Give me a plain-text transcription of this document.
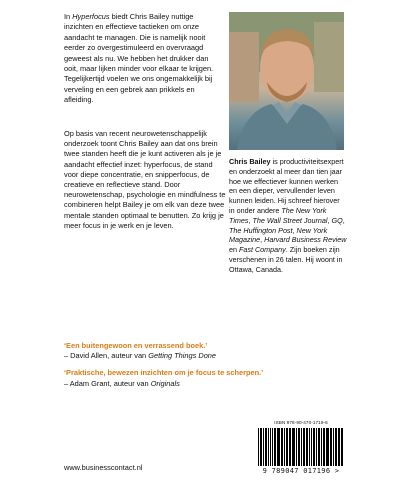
In Hyperfocus biedt Chris Bailey nuttige inzichten en effectieve tactieken om onze aandacht te managen. Die is namelijk nooit eerder zo overgestimuleerd en overvraagd geweest als nu. We hebben het drukker dan ooit, maar lijken minder voor elkaar te krijgen. Tegelijkertijd voelen we ons ongemakkelijk bij verveling en een gebrek aan prikkels en afleiding.

Op basis van recent neurowetenschappelijk onderzoek toont Chris Bailey aan dat ons brein twee standen heeft die je kunt activeren als je je aandacht effectief inzet: hyperfocus, de stand voor diepe concentratie, en snipperfocus, de creatieve en reflectieve stand. Door neurowetenschap, psychologie en mindfulness te combineren helpt Bailey je om elk van deze twee mentale standen optimaal te benutten. Zo krijg je meer focus in je werk en je leven.

Chris Bailey is productiviteitsexpert en onderzoekt al meer dan tien jaar hoe we effectiever kunnen werken en een dieper, vervullender leven kunnen leiden. Hij schreef hierover in onder andere The New York Times, The Wall Street Journal, GQ, The Huffington Post, New York Magazine, Harvard Business Review en Fast Company. Zijn boeken zijn verschenen in 26 talen. Hij woont in Ottawa, Canada.

‘Een buitengewoon en verrassend boek.’

– David Allen, auteur van Getting Things Done

‘Praktische, bewezen inzichten om je focus te scherpen.’

– Adam Grant, auteur van Originals

ISBN 978-90-470-1719-6
9 789047 017196 >

www.businesscontact.nl
